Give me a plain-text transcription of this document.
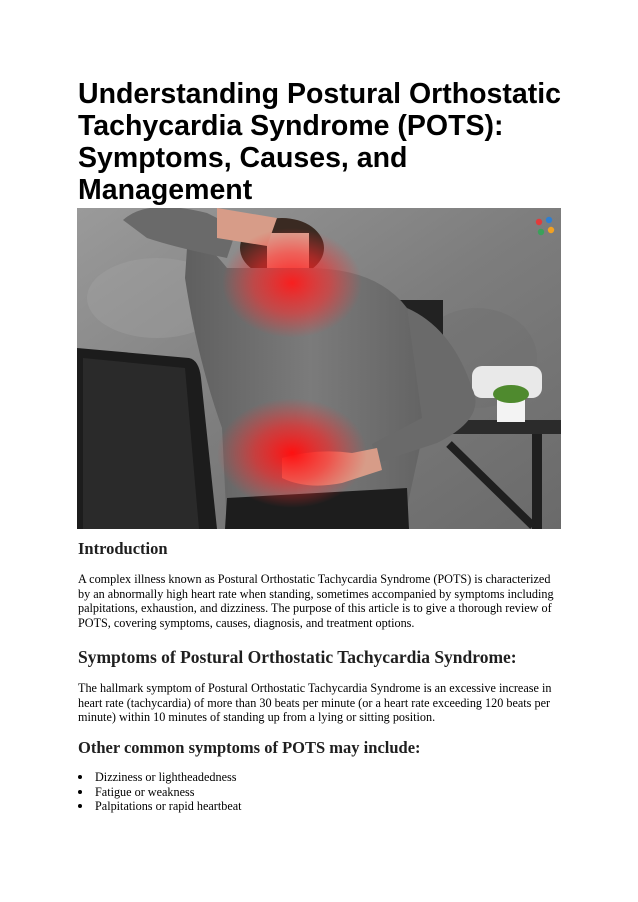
Understanding Postural Orthostatic Tachycardia Syndrome (POTS): Symptoms, Causes, and Management
Introduction

A complex illness known as Postural Orthostatic Tachycardia Syndrome (POTS) is characterized by an abnormally high heart rate when standing, sometimes accompanied by symptoms including palpitations, exhaustion, and dizziness. The purpose of this article is to give a thorough review of POTS, covering symptoms, causes, diagnosis, and treatment options.

Symptoms of Postural Orthostatic Tachycardia Syndrome:

The hallmark symptom of Postural Orthostatic Tachycardia Syndrome is an excessive increase in heart rate (tachycardia) of more than 30 beats per minute (or a heart rate exceeding 120 beats per minute) within 10 minutes of standing up from a lying or sitting position.

Other common symptoms of POTS may include:
Dizziness or lightheadedness
Fatigue or weakness
Palpitations or rapid heartbeat
